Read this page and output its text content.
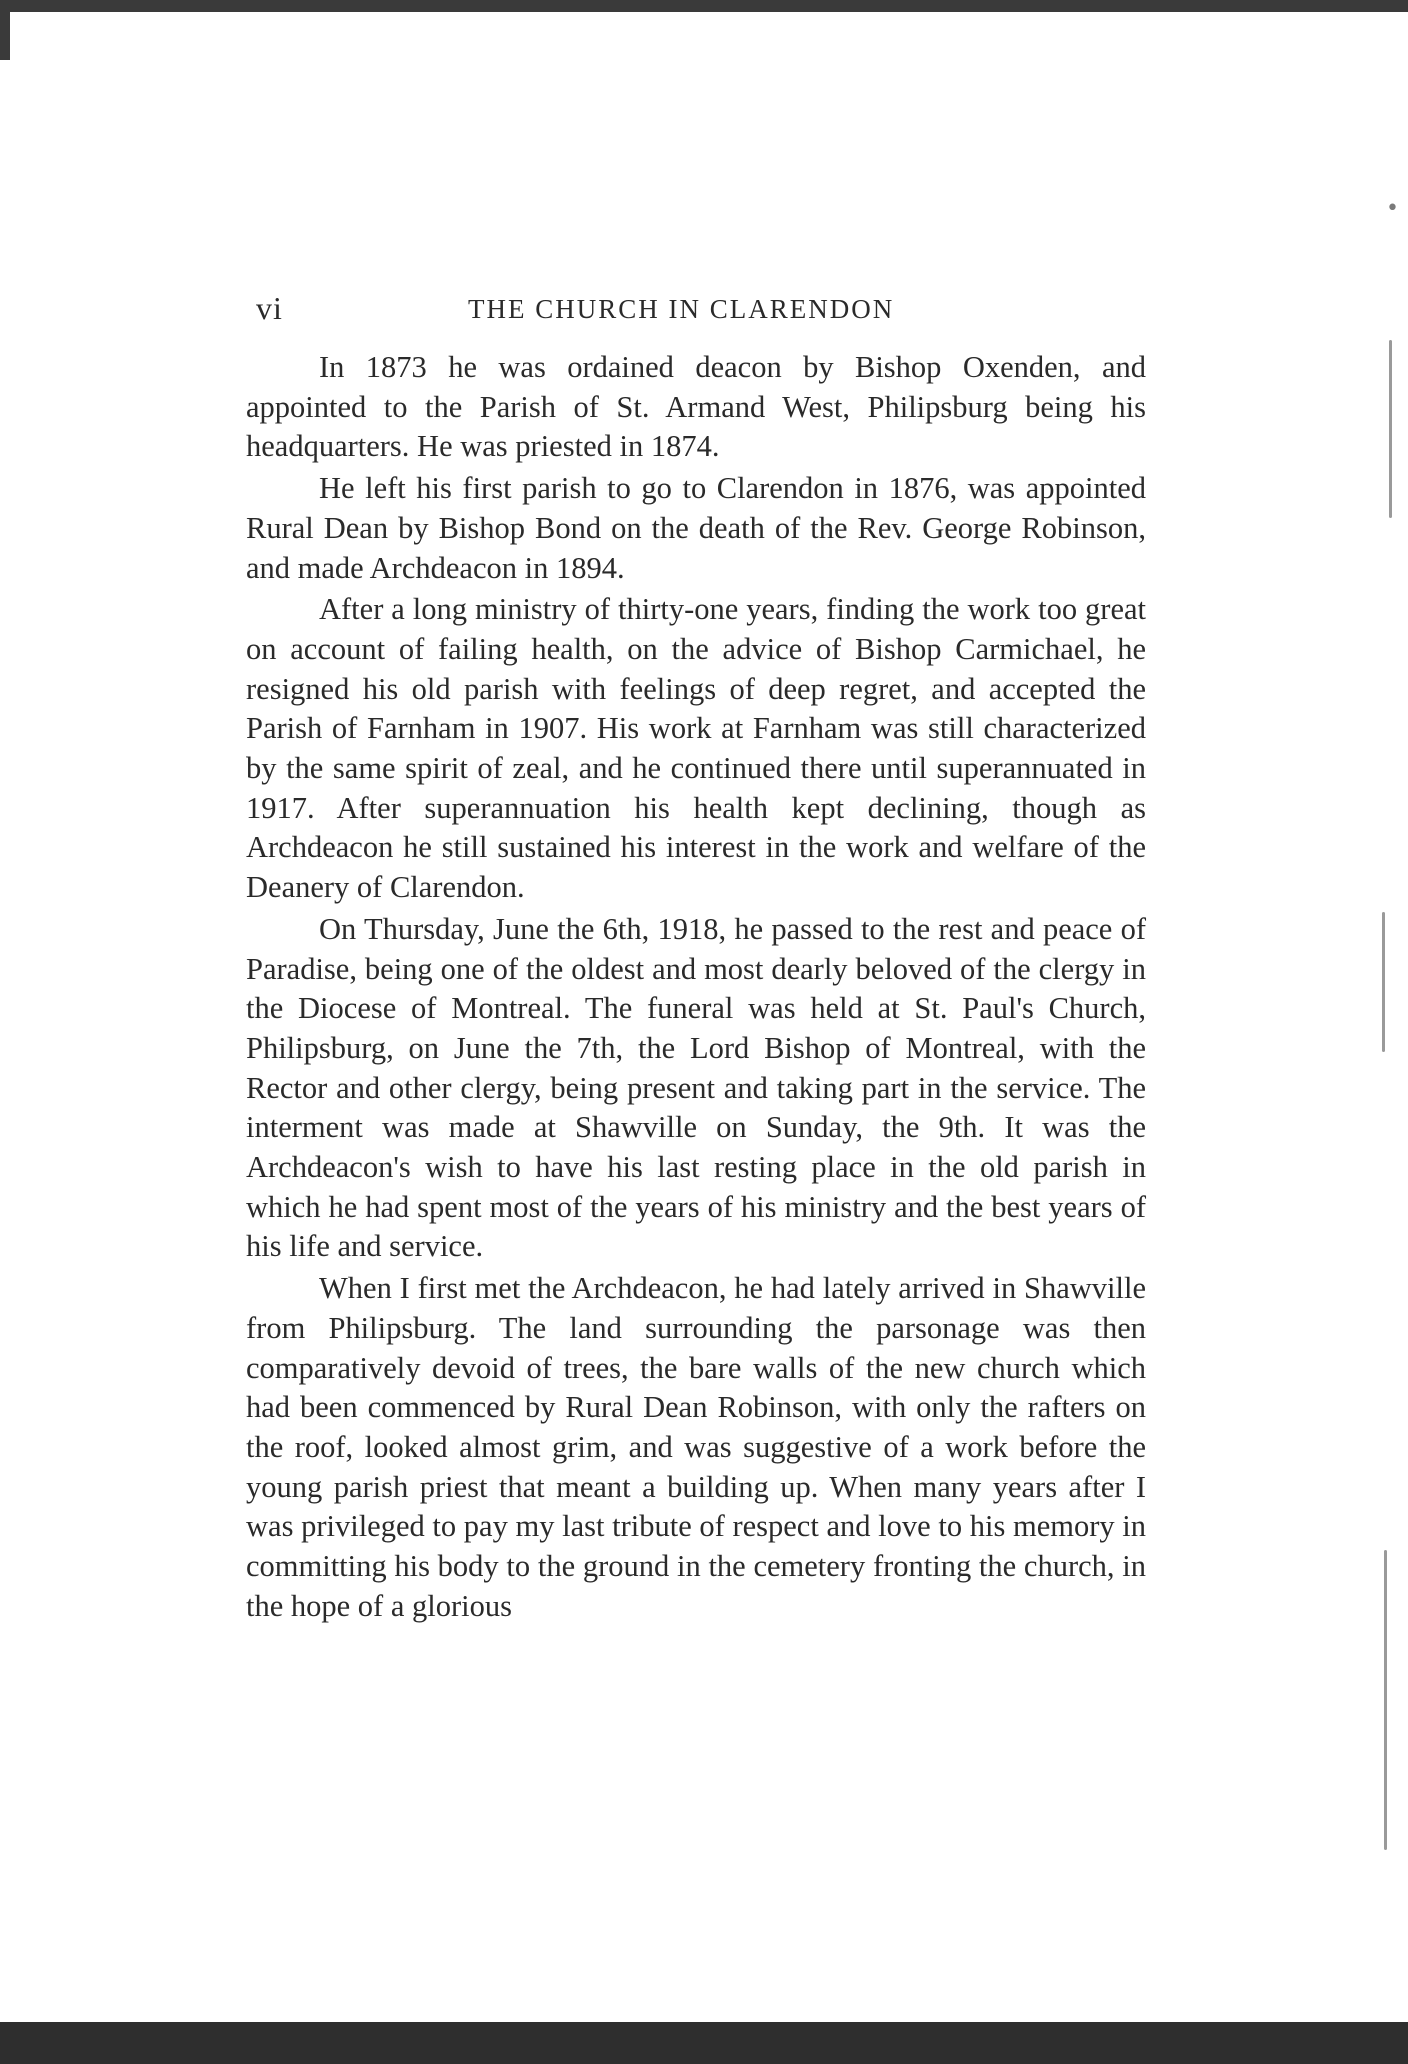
vi	THE CHURCH IN CLARENDON

In 1873 he was ordained deacon by Bishop Oxenden, and appointed to the Parish of St. Armand West, Philipsburg being his headquarters. He was priested in 1874.

He left his first parish to go to Clarendon in 1876, was appointed Rural Dean by Bishop Bond on the death of the Rev. George Robinson, and made Archdeacon in 1894.

After a long ministry of thirty-one years, finding the work too great on account of failing health, on the advice of Bishop Carmichael, he resigned his old parish with feelings of deep regret, and accepted the Parish of Farnham in 1907. His work at Farnham was still characterized by the same spirit of zeal, and he continued there until superannuated in 1917. After superannuation his health kept declining, though as Archdeacon he still sustained his interest in the work and welfare of the Deanery of Clarendon.

On Thursday, June the 6th, 1918, he passed to the rest and peace of Paradise, being one of the oldest and most dearly beloved of the clergy in the Diocese of Montreal. The funeral was held at St. Paul's Church, Philipsburg, on June the 7th, the Lord Bishop of Montreal, with the Rector and other clergy, being present and taking part in the service. The interment was made at Shawville on Sunday, the 9th. It was the Archdeacon's wish to have his last resting place in the old parish in which he had spent most of the years of his ministry and the best years of his life and service.

When I first met the Archdeacon, he had lately arrived in Shawville from Philipsburg. The land surrounding the parsonage was then comparatively devoid of trees, the bare walls of the new church which had been commenced by Rural Dean Robinson, with only the rafters on the roof, looked almost grim, and was suggestive of a work before the young parish priest that meant a building up. When many years after I was privileged to pay my last tribute of respect and love to his memory in committing his body to the ground in the cemetery fronting the church, in the hope of a glorious

•
